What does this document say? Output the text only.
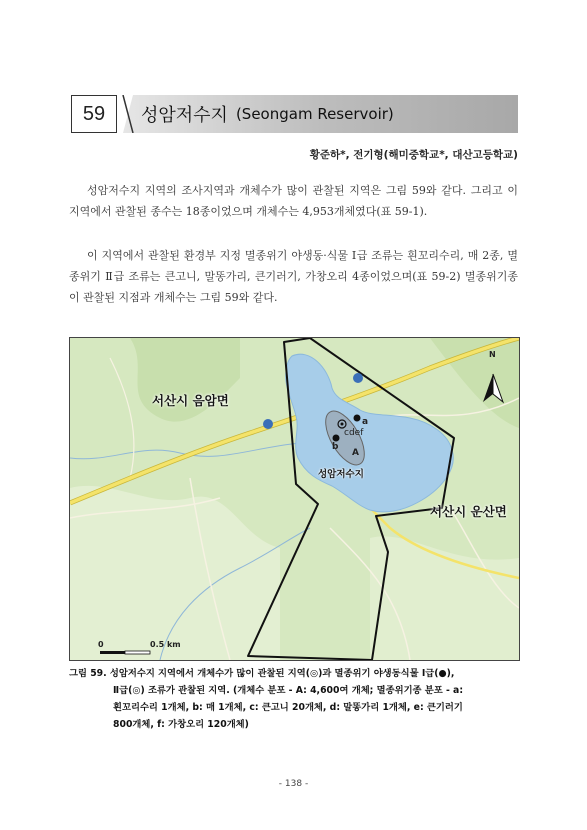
59	성암저수지 (Seongam Reservoir)
황준하*, 전기형(해미중학교*, 대산고등학교)
성암저수지 지역의 조사지역과 개체수가 많이 관찰된 지역은 그림 59와 같다. 그리고 이 지역에서 관찰된 종수는 18종이었으며 개체수는 4,953개체였다(표 59-1).
이 지역에서 관찰된 환경부 지정 멸종위기 야생동·식물 Ⅰ급 조류는 흰꼬리수리, 매 2종, 멸종위기 Ⅱ급 조류는 큰고니, 말똥가리, 큰기러기, 가창오리 4종이었으며(표 59-2) 멸종위기종이 관찰된 지점과 개체수는 그림 59와 같다.
서산시 음암면
서산시 운산면
성암저수지
a
b
cdef
A
0	0.5 km
N
그림 59. 성암저수지 지역에서 개체수가 많이 관찰된 지역(◎)과 멸종위기 야생동식물 Ⅰ급(●),
Ⅱ급(◎) 조류가 관찰된 지역. (개체수 분포 - A: 4,600여 개체; 멸종위기종 분포 - a:
흰꼬리수리 1개체, b: 매 1개체, c: 큰고니 20개체, d: 말똥가리 1개체, e: 큰기러기
800개체, f: 가창오리 120개체)
- 138 -
